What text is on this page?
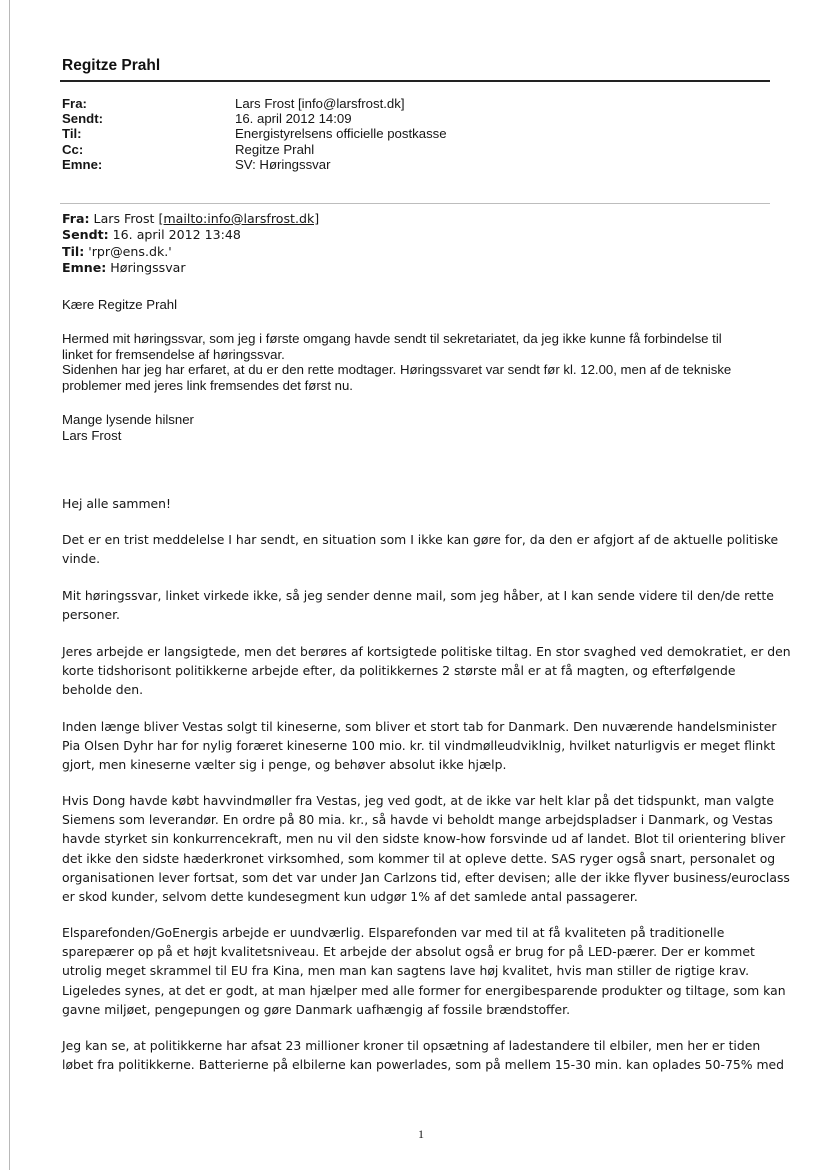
Regitze Prahl
Fra:	Lars Frost [info@larsfrost.dk]
Sendt:	16. april 2012 14:09
Til:	Energistyrelsens officielle postkasse
Cc:	Regitze Prahl
Emne:	SV: Høringssvar
Fra: Lars Frost [mailto:info@larsfrost.dk]
Sendt: 16. april 2012 13:48
Til: 'rpr@ens.dk.'
Emne: Høringssvar
Kære Regitze Prahl
Hermed mit høringssvar, som jeg i første omgang havde sendt til sekretariatet, da jeg ikke kunne få forbindelse til
linket for fremsendelse af høringssvar.
Sidenhen har jeg har erfaret, at du er den rette modtager. Høringssvaret var sendt før kl. 12.00, men af de tekniske
problemer med jeres link fremsendes det først nu.
Mange lysende hilsner
Lars Frost
Hej alle sammen!
Det er en trist meddelelse I har sendt, en situation som I ikke kan gøre for, da den er afgjort af de aktuelle politiske
vinde.
Mit høringssvar, linket virkede ikke, så jeg sender denne mail, som jeg håber, at I kan sende videre til den/de rette
personer.
Jeres arbejde er langsigtede, men det berøres af kortsigtede politiske tiltag. En stor svaghed ved demokratiet, er den
korte tidshorisont politikkerne arbejde efter, da politikkernes 2 største mål er at få magten, og efterfølgende
beholde den.
Inden længe bliver Vestas solgt til kineserne, som bliver et stort tab for Danmark. Den nuværende handelsminister
Pia Olsen Dyhr har for nylig foræret kineserne 100 mio. kr. til vindmølleudviklnig, hvilket naturligvis er meget flinkt
gjort, men kineserne vælter sig i penge, og behøver absolut ikke hjælp.
Hvis Dong havde købt havvindmøller fra Vestas, jeg ved godt, at de ikke var helt klar på det tidspunkt, man valgte
Siemens som leverandør. En ordre på 80 mia. kr., så havde vi beholdt mange arbejdspladser i Danmark, og Vestas
havde styrket sin konkurrencekraft, men nu vil den sidste know-how forsvinde ud af landet. Blot til orientering bliver
det ikke den sidste hæderkronet virksomhed, som kommer til at opleve dette. SAS ryger også snart, personalet og
organisationen lever fortsat, som det var under Jan Carlzons tid, efter devisen; alle der ikke flyver business/euroclass
er skod kunder, selvom dette kundesegment kun udgør 1% af det samlede antal passagerer.
Elsparefonden/GoEnergis arbejde er uundværlig. Elsparefonden var med til at få kvaliteten på traditionelle
sparepærer op på et højt kvalitetsniveau. Et arbejde der absolut også er brug for på LED-pærer. Der er kommet
utrolig meget skrammel til EU fra Kina, men man kan sagtens lave høj kvalitet, hvis man stiller de rigtige krav.
Ligeledes synes, at det er godt, at man hjælper med alle former for energibesparende produkter og tiltage, som kan
gavne miljøet, pengepungen og gøre Danmark uafhængig af fossile brændstoffer.
Jeg kan se, at politikkerne har afsat 23 millioner kroner til opsætning af ladestandere til elbiler, men her er tiden
løbet fra politikkerne. Batterierne på elbilerne kan powerlades, som på mellem 15-30 min. kan oplades 50-75% med
1
